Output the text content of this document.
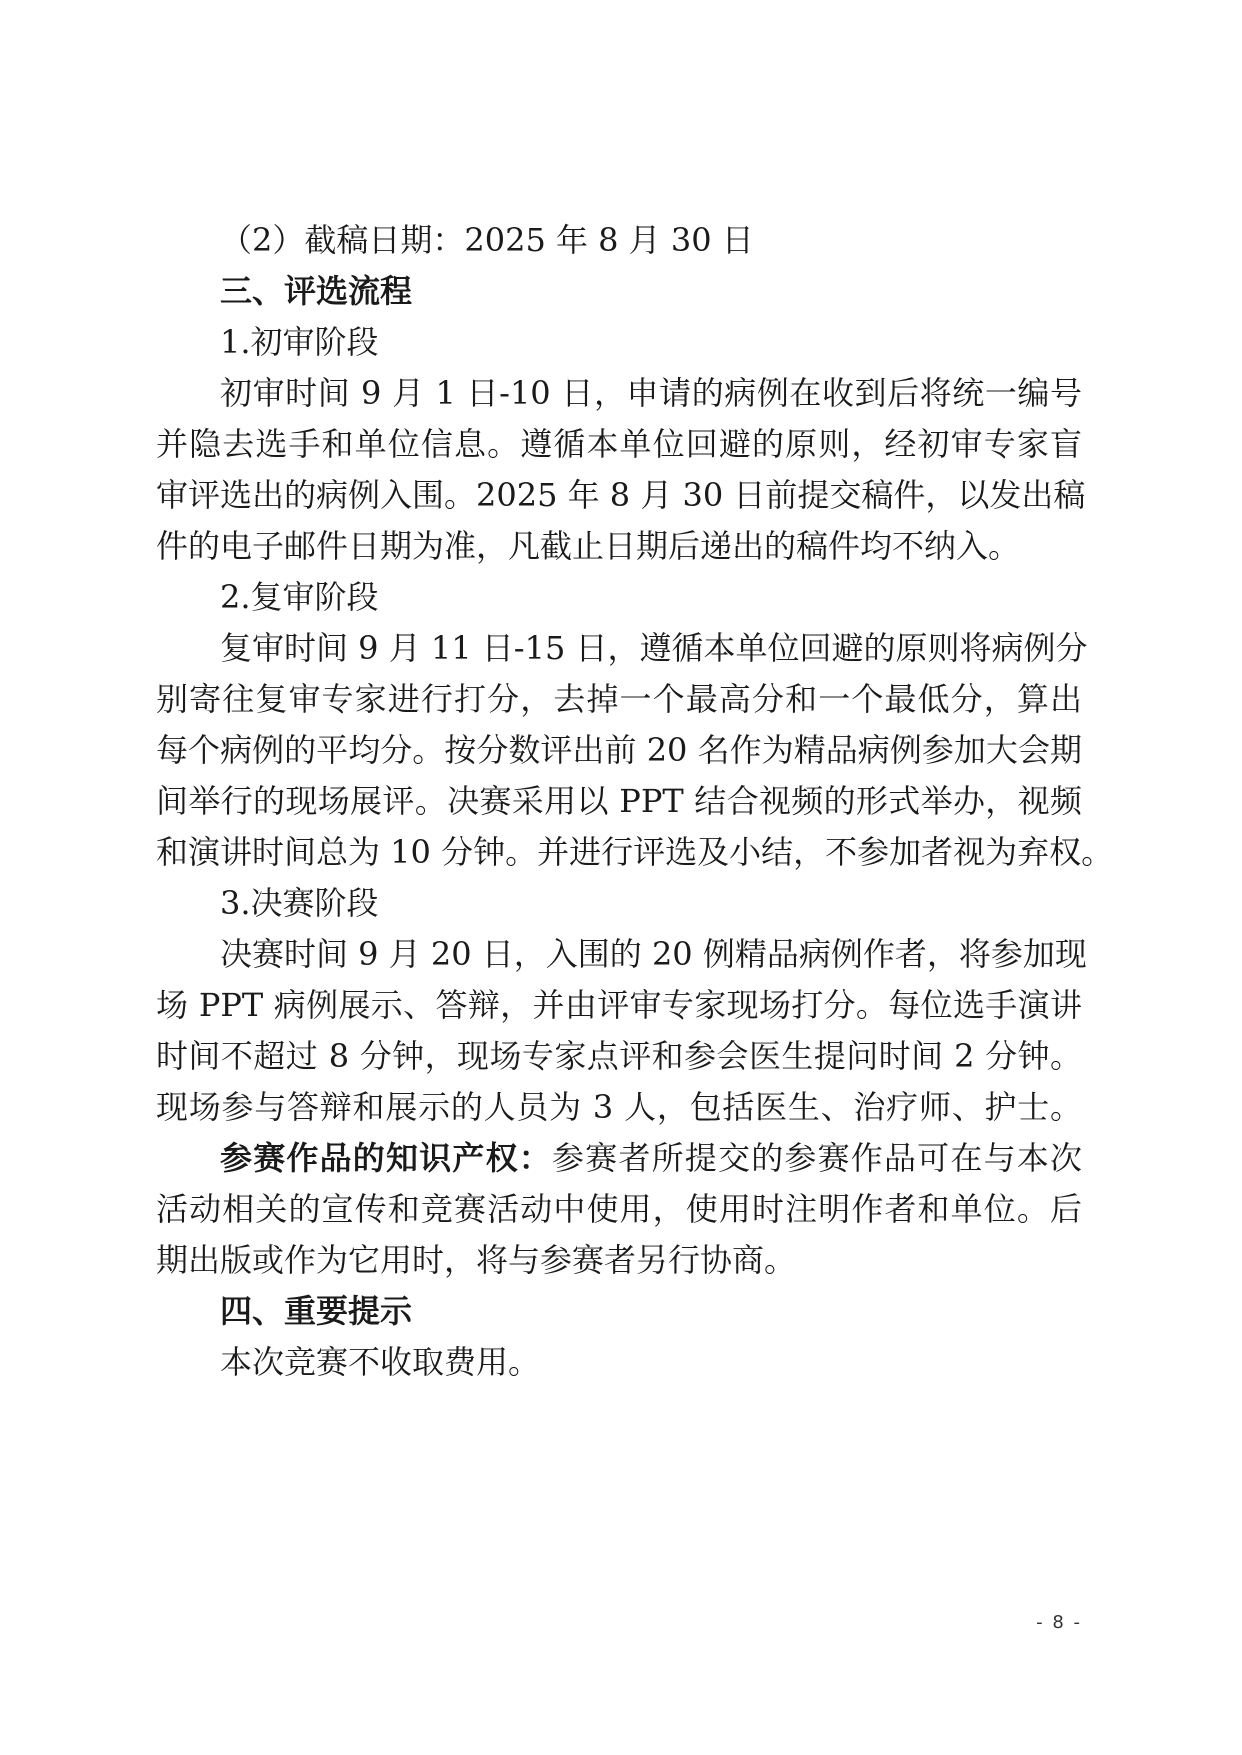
（2）截稿日期：2025 年 8 月 30 日
三、评选流程
1.初审阶段
初审时间 9 月 1 日-10 日，申请的病例在收到后将统一编号
并隐去选手和单位信息。遵循本单位回避的原则，经初审专家盲
审评选出的病例入围。2025 年 8 月 30 日前提交稿件，以发出稿
件的电子邮件日期为准，凡截止日期后递出的稿件均不纳入。
2.复审阶段
复审时间 9 月 11 日-15 日，遵循本单位回避的原则将病例分
别寄往复审专家进行打分，去掉一个最高分和一个最低分，算出
每个病例的平均分。按分数评出前 20 名作为精品病例参加大会期
间举行的现场展评。决赛采用以 PPT 结合视频的形式举办，视频
和演讲时间总为 10 分钟。并进行评选及小结，不参加者视为弃权。
3.决赛阶段
决赛时间 9 月 20 日，入围的 20 例精品病例作者，将参加现
场 PPT 病例展示、答辩，并由评审专家现场打分。每位选手演讲
时间不超过 8 分钟，现场专家点评和参会医生提问时间 2 分钟。
现场参与答辩和展示的人员为 3 人，包括医生、治疗师、护士。
参赛作品的知识产权：参赛者所提交的参赛作品可在与本次
活动相关的宣传和竞赛活动中使用，使用时注明作者和单位。后
期出版或作为它用时，将与参赛者另行协商。
四、重要提示
本次竞赛不收取费用。
- 8 -
